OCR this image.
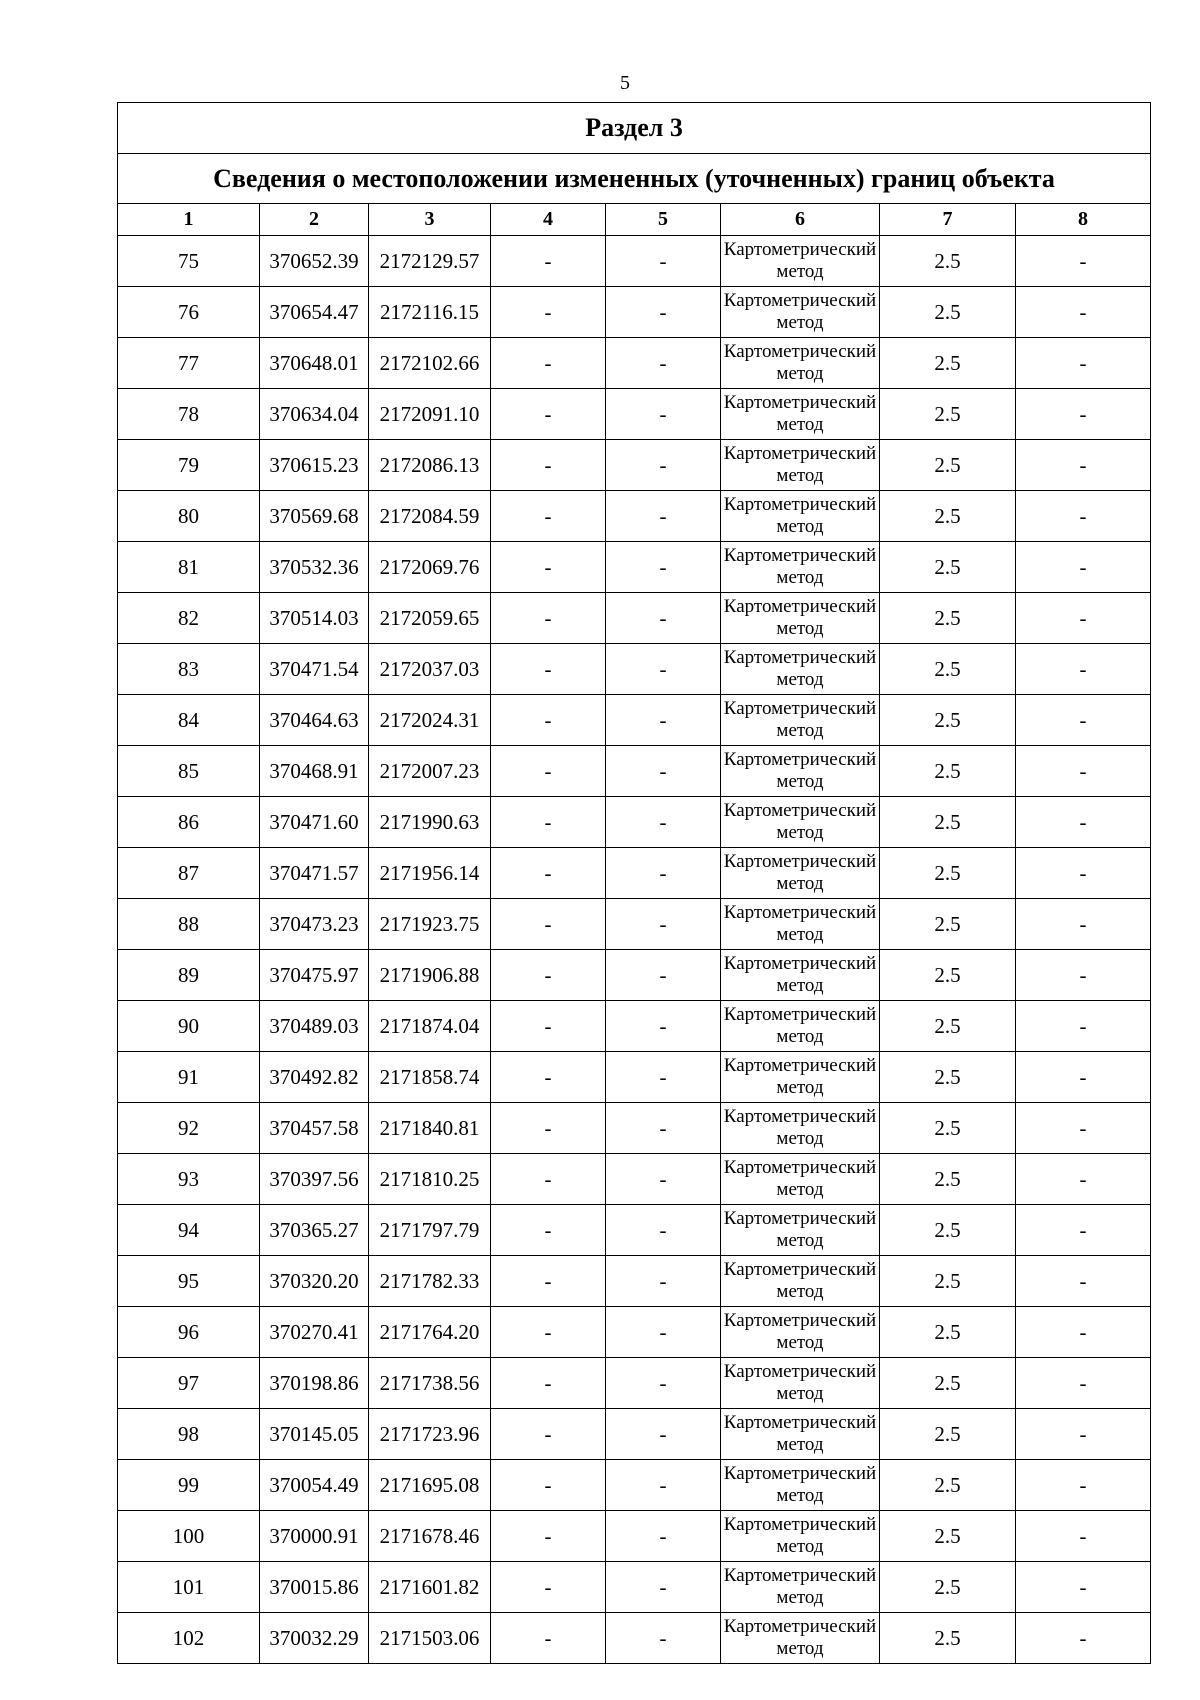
5
Раздел 3							
Сведения о местоположении измененных (уточненных) границ объекта							
1	2	3	4	5	6	7	8
75	370652.39	2172129.57	-	-	Картометрический метод	2.5	-
76	370654.47	2172116.15	-	-	Картометрический метод	2.5	-
77	370648.01	2172102.66	-	-	Картометрический метод	2.5	-
78	370634.04	2172091.10	-	-	Картометрический метод	2.5	-
79	370615.23	2172086.13	-	-	Картометрический метод	2.5	-
80	370569.68	2172084.59	-	-	Картометрический метод	2.5	-
81	370532.36	2172069.76	-	-	Картометрический метод	2.5	-
82	370514.03	2172059.65	-	-	Картометрический метод	2.5	-
83	370471.54	2172037.03	-	-	Картометрический метод	2.5	-
84	370464.63	2172024.31	-	-	Картометрический метод	2.5	-
85	370468.91	2172007.23	-	-	Картометрический метод	2.5	-
86	370471.60	2171990.63	-	-	Картометрический метод	2.5	-
87	370471.57	2171956.14	-	-	Картометрический метод	2.5	-
88	370473.23	2171923.75	-	-	Картометрический метод	2.5	-
89	370475.97	2171906.88	-	-	Картометрический метод	2.5	-
90	370489.03	2171874.04	-	-	Картометрический метод	2.5	-
91	370492.82	2171858.74	-	-	Картометрический метод	2.5	-
92	370457.58	2171840.81	-	-	Картометрический метод	2.5	-
93	370397.56	2171810.25	-	-	Картометрический метод	2.5	-
94	370365.27	2171797.79	-	-	Картометрический метод	2.5	-
95	370320.20	2171782.33	-	-	Картометрический метод	2.5	-
96	370270.41	2171764.20	-	-	Картометрический метод	2.5	-
97	370198.86	2171738.56	-	-	Картометрический метод	2.5	-
98	370145.05	2171723.96	-	-	Картометрический метод	2.5	-
99	370054.49	2171695.08	-	-	Картометрический метод	2.5	-
100	370000.91	2171678.46	-	-	Картометрический метод	2.5	-
101	370015.86	2171601.82	-	-	Картометрический метод	2.5	-
102	370032.29	2171503.06	-	-	Картометрический метод	2.5	-
